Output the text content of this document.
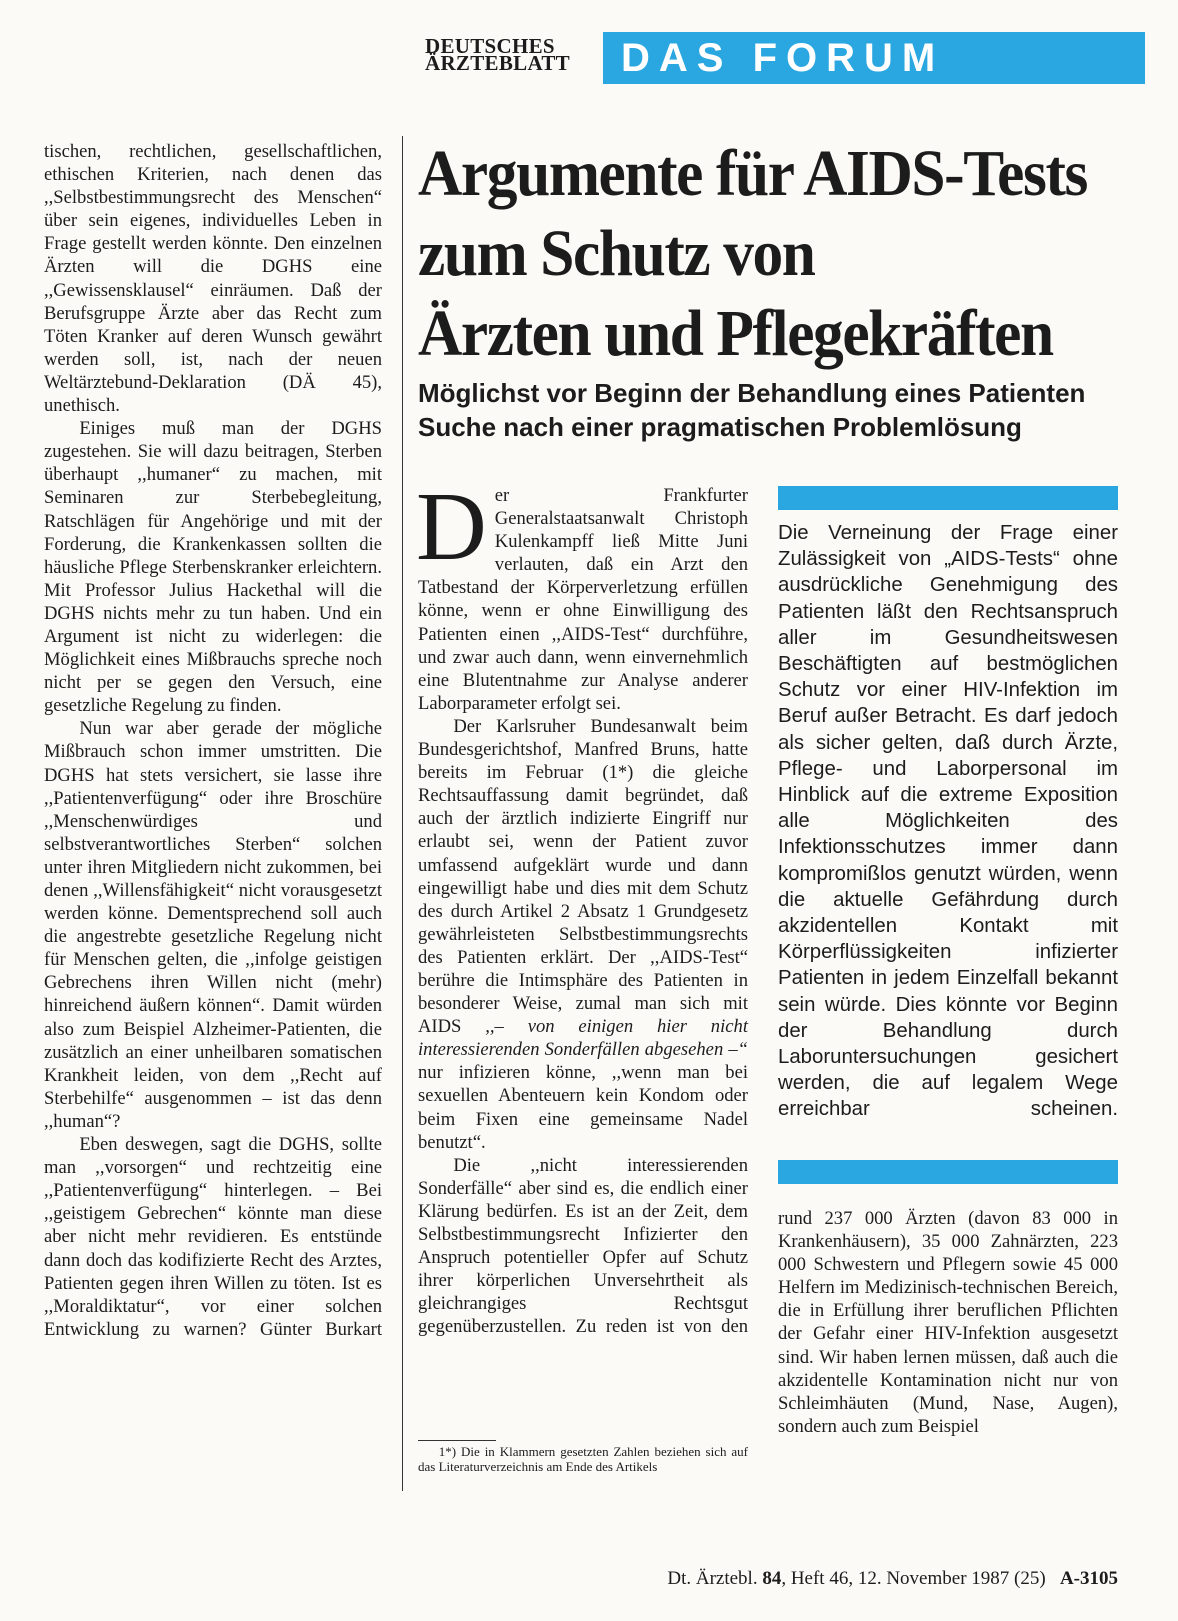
DEUTSCHES
ÄRZTEBLATT	DAS FORUM

tischen, rechtlichen, gesellschaftlichen, ethischen Kriterien, nach denen das ,,Selbstbestimmungsrecht des Menschen“ über sein eigenes, individuelles Leben in Frage gestellt werden könnte. Den einzelnen Ärzten will die DGHS eine ,,Gewissensklausel“ einräumen. Daß der Berufsgruppe Ärzte aber das Recht zum Töten Kranker auf deren Wunsch gewährt werden soll, ist, nach der neuen Weltärztebund-Deklaration (DÄ 45), unethisch.

Einiges muß man der DGHS zugestehen. Sie will dazu beitragen, Sterben überhaupt ,,humaner“ zu machen, mit Seminaren zur Sterbebegleitung, Ratschlägen für Angehörige und mit der Forderung, die Krankenkassen sollten die häusliche Pflege Sterbenskranker erleichtern. Mit Professor Julius Hackethal will die DGHS nichts mehr zu tun haben. Und ein Argument ist nicht zu widerlegen: die Möglichkeit eines Mißbrauchs spreche noch nicht per se gegen den Versuch, eine gesetzliche Regelung zu finden.

Nun war aber gerade der mögliche Mißbrauch schon immer umstritten. Die DGHS hat stets versichert, sie lasse ihre ,,Patientenverfügung“ oder ihre Broschüre ,,Menschenwürdiges und selbstverantwortliches Sterben“ solchen unter ihren Mitgliedern nicht zukommen, bei denen ,,Willensfähigkeit“ nicht vorausgesetzt werden könne. Dementsprechend soll auch die angestrebte gesetzliche Regelung nicht für Menschen gelten, die ,,infolge geistigen Gebrechens ihren Willen nicht (mehr) hinreichend äußern können“. Damit würden also zum Beispiel Alzheimer-Patienten, die zusätzlich an einer unheilbaren somatischen Krankheit leiden, von dem ,,Recht auf Sterbehilfe“ ausgenommen – ist das denn ,,human“?

Eben deswegen, sagt die DGHS, sollte man ,,vorsorgen“ und rechtzeitig eine ,,Patientenverfügung“ hinterlegen. – Bei ,,geistigem Gebrechen“ könnte man diese aber nicht mehr revidieren. Es entstünde dann doch das kodifizierte Recht des Arztes, Patienten gegen ihren Willen zu töten. Ist es ,,Moraldiktatur“, vor einer solchen Entwicklung zu warnen? Günter Burkart

Argumente für AIDS-Tests
zum Schutz von
Ärzten und Pflegekräften
Möglichst vor Beginn der Behandlung eines Patienten
Suche nach einer pragmatischen Problemlösung

Der Frankfurter Generalstaatsanwalt Christoph Kulenkampff ließ Mitte Juni verlauten, daß ein Arzt den Tatbestand der Körperverletzung erfüllen könne, wenn er ohne Einwilligung des Patienten einen ,,AIDS-Test“ durchführe, und zwar auch dann, wenn einvernehmlich eine Blutentnahme zur Analyse anderer Laborparameter erfolgt sei.

Der Karlsruher Bundesanwalt beim Bundesgerichtshof, Manfred Bruns, hatte bereits im Februar (1*) die gleiche Rechtsauffassung damit begründet, daß auch der ärztlich indizierte Eingriff nur erlaubt sei, wenn der Patient zuvor umfassend aufgeklärt wurde und dann eingewilligt habe und dies mit dem Schutz des durch Artikel 2 Absatz 1 Grundgesetz gewährleisteten Selbstbestimmungsrechts des Patienten erklärt. Der ,,AIDS-Test“ berühre die Intimsphäre des Patienten in besonderer Weise, zumal man sich mit AIDS ,,– von einigen hier nicht interessierenden Sonderfällen abgesehen –“ nur infizieren könne, ,,wenn man bei sexuellen Abenteuern kein Kondom oder beim Fixen eine gemeinsame Nadel benutzt“.

Die ,,nicht interessierenden Sonderfälle“ aber sind es, die endlich einer Klärung bedürfen. Es ist an der Zeit, dem Selbstbestimmungsrecht Infizierter den Anspruch potentieller Opfer auf Schutz ihrer körperlichen Unversehrtheit als gleichrangiges Rechtsgut gegenüberzustellen. Zu reden ist von den

1*) Die in Klammern gesetzten Zahlen beziehen sich auf das Literaturverzeichnis am Ende des Artikels

Die Verneinung der Frage einer Zulässigkeit von „AIDS-Tests“ ohne ausdrückliche Genehmigung des Patienten läßt den Rechtsanspruch aller im Gesundheitswesen Beschäftigten auf bestmöglichen Schutz vor einer HIV-Infektion im Beruf außer Betracht. Es darf jedoch als sicher gelten, daß durch Ärzte, Pflege- und Laborpersonal im Hinblick auf die extreme Exposition alle Möglichkeiten des Infektionsschutzes immer dann kompromißlos genutzt würden, wenn die aktuelle Gefährdung durch akzidentellen Kontakt mit Körperflüssigkeiten infizierter Patienten in jedem Einzelfall bekannt sein würde. Dies könnte vor Beginn der Behandlung durch Laboruntersuchungen gesichert werden, die auf legalem Wege erreichbar scheinen.

rund 237 000 Ärzten (davon 83 000 in Krankenhäusern), 35 000 Zahnärzten, 223 000 Schwestern und Pflegern sowie 45 000 Helfern im Medizinisch-technischen Bereich, die in Erfüllung ihrer beruflichen Pflichten der Gefahr einer HIV-Infektion ausgesetzt sind. Wir haben lernen müssen, daß auch die akzidentelle Kontamination nicht nur von Schleimhäuten (Mund, Nase, Augen), sondern auch zum Beispiel

Dt. Ärztebl. 84, Heft 46, 12. November 1987 (25) A-3105
